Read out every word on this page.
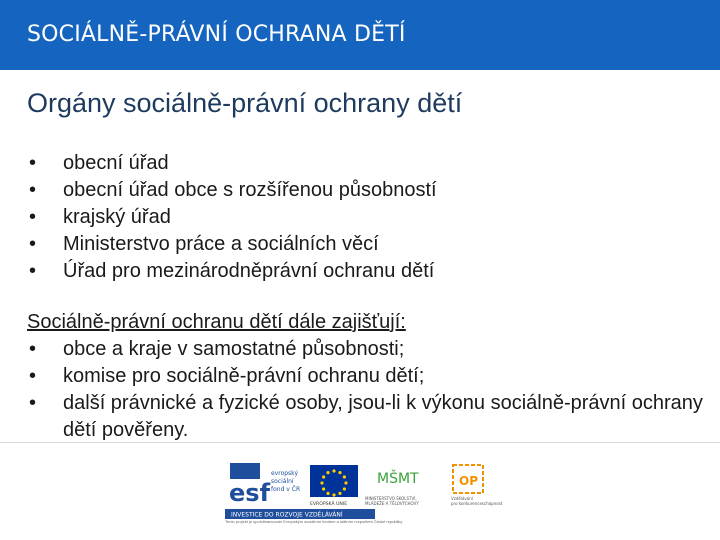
SOCIÁLNĚ-PRÁVNÍ OCHRANA DĚTÍ
Orgány sociálně-právní ochrany dětí
• obecní úřad
• obecní úřad obce s rozšířenou působností
• krajský úřad
• Ministerstvo práce a sociálních věcí
• Úřad pro mezinárodněprávní ochranu dětí
Sociálně-právní ochranu dětí dále zajišťují:
• obce a kraje v samostatné působnosti;
• komise pro sociálně-právní ochranu dětí;
• další právnické a fyzické osoby, jsou-li k výkonu sociálně-právní ochrany dětí pověřeny.
esf
evropský
sociální
fond v ČR
EVROPSKÁ UNIE
MŠMT
MINISTERSTVO ŠKOLSTVÍ,
MLÁDEŽE A TĚLOVÝCHOVY
OP
Vzdělávání
pro konkurenceschopnost
INVESTICE DO ROZVOJE VZDĚLÁVÁNÍ
Tento projekt je spolufinancován Evropským sociálním fondem a státním rozpočtem České republiky
